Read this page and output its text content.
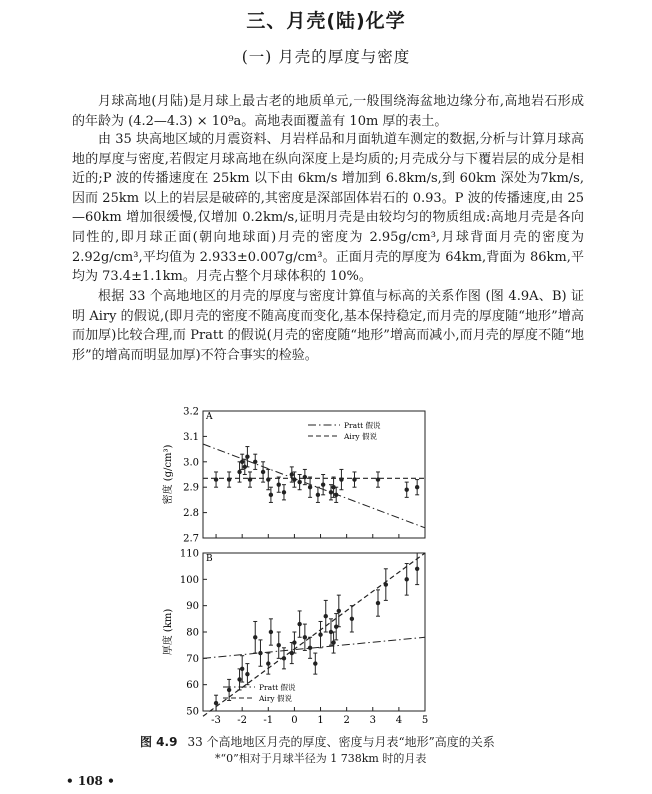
三、月壳(陆)化学
(一) 月壳的厚度与密度

月球高地(月陆)是月球上最古老的地质单元,一般围绕海盆地边缘分布,高地岩石形成的年龄为 (4.2—4.3) × 10⁹a。高地表面覆盖有 10m 厚的表土。

由 35 块高地区域的月震资料、月岩样品和月面轨道车测定的数据,分析与计算月球高地的厚度与密度,若假定月球高地在纵向深度上是均质的;月壳成分与下覆岩层的成分是相近的;P 波的传播速度在 25km 以下由 6km/s 增加到 6.8km/s,到 60km 深处为7km/s,因而 25km 以上的岩层是破碎的,其密度是深部固体岩石的 0.93。P 波的传播速度,由 25—60km 增加很缓慢,仅增加 0.2km/s,证明月壳是由较均匀的物质组成:高地月壳是各向同性的,即月球正面(朝向地球面)月壳的密度为 2.95g/cm³,月球背面月壳的密度为 2.92g/cm³,平均值为 2.933±0.007g/cm³。正面月壳的厚度为 64km,背面为 86km,平均为 73.4±1.1km。月壳占整个月球体积的 10%。

根据 33 个高地地区的月壳的厚度与密度计算值与标高的关系作图 (图 4.9A、B) 证明 Airy 的假说,(即月壳的密度不随高度而变化,基本保持稳定,而月壳的厚度随“地形”增高而加厚)比较合理,而 Pratt 的假说(月壳的密度随“地形”增高而减小,而月壳的厚度不随“地形”的增高而明显加厚)不符合事实的检验。

A
3.2
3.1
3.0
2.9
2.8
2.7
密度 (g/cm³)
Pratt 假说
Airy 假说
B
110
100
90
80
70
60
50
厚度 (km)
-3 -2 -1 0 1 2 3 4 5
Pratt 假说
Airy 假说
图 4.9 33 个高地地区月壳的厚度、密度与月表“地形”高度的关系
*“0”相对于月球半径为 1 738km 时的月表
• 108 •
